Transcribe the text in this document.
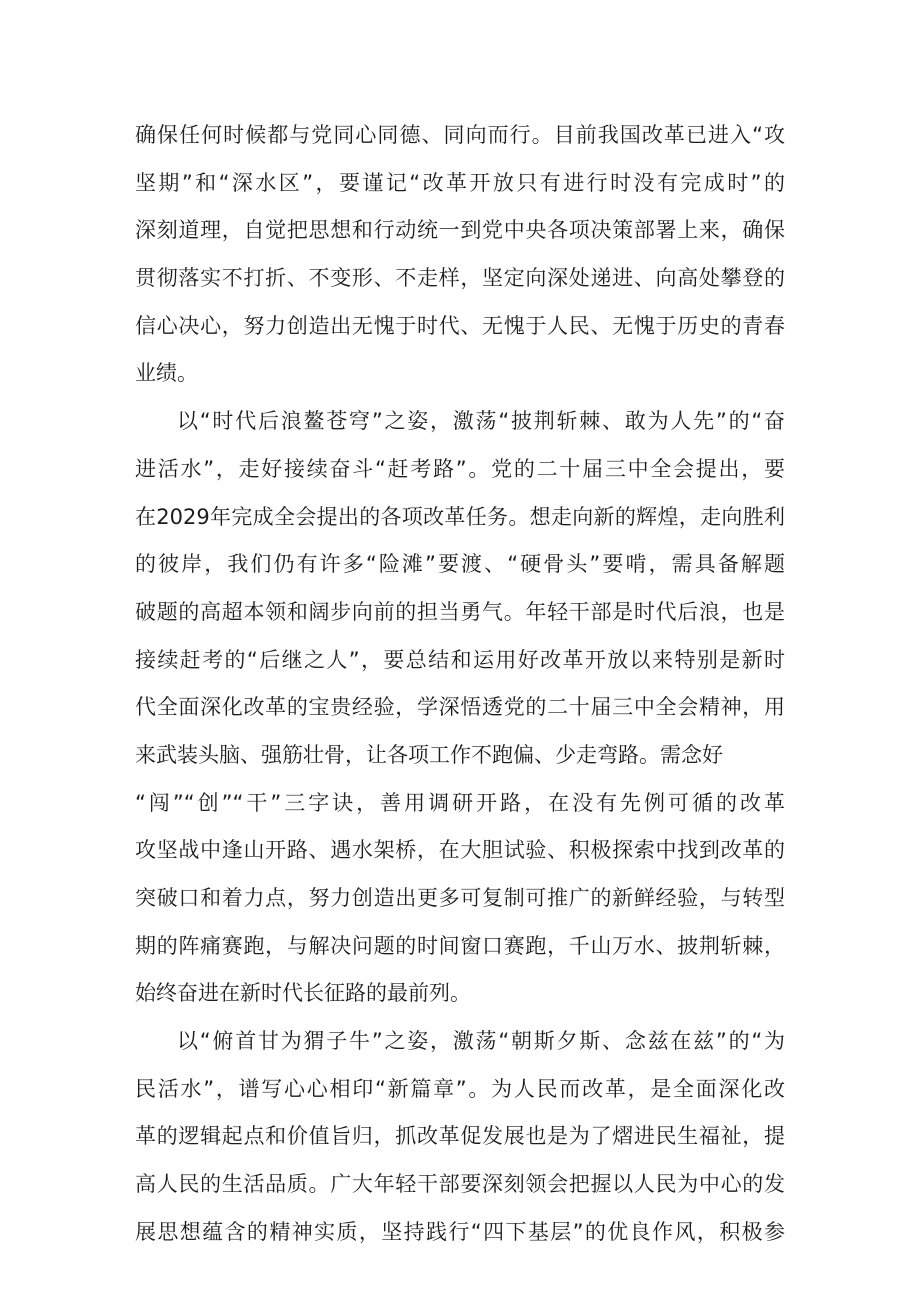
确保任何时候都与党同心同德、同向而行。目前我国改革已进入“攻
坚期”和“深水区”，要谨记“改革开放只有进行时没有完成时”的
深刻道理，自觉把思想和行动统一到党中央各项决策部署上来，确保
贯彻落实不打折、不变形、不走样，坚定向深处递进、向高处攀登的
信心决心，努力创造出无愧于时代、无愧于人民、无愧于历史的青春
业绩。
以“时代后浪鳌苍穹”之姿，激荡“披荆斩棘、敢为人先”的“奋
进活水”，走好接续奋斗“赶考路”。党的二十届三中全会提出，要
在2029年完成全会提出的各项改革任务。想走向新的辉煌，走向胜利
的彼岸，我们仍有许多“险滩”要渡、“硬骨头”要啃，需具备解题
破题的高超本领和阔步向前的担当勇气。年轻干部是时代后浪，也是
接续赶考的“后继之人”，要总结和运用好改革开放以来特别是新时
代全面深化改革的宝贵经验，学深悟透党的二十届三中全会精神，用
来武装头脑、强筋壮骨，让各项工作不跑偏、少走弯路。需念好
“闯”“创”“干”三字诀，善用调研开路，在没有先例可循的改革
攻坚战中逢山开路、遇水架桥，在大胆试验、积极探索中找到改革的
突破口和着力点，努力创造出更多可复制可推广的新鲜经验，与转型
期的阵痛赛跑，与解决问题的时间窗口赛跑，千山万水、披荆斩棘，
始终奋进在新时代长征路的最前列。
以“俯首甘为猬子牛”之姿，激荡“朝斯夕斯、念兹在兹”的“为
民活水”，谱写心心相印“新篇章”。为人民而改革，是全面深化改
革的逻辑起点和价值旨归，抓改革促发展也是为了熠进民生福祉，提
高人民的生活品质。广大年轻干部要深刻领会把握以人民为中心的发
展思想蕴含的精神实质，坚持践行“四下基层”的优良作风，积极参
